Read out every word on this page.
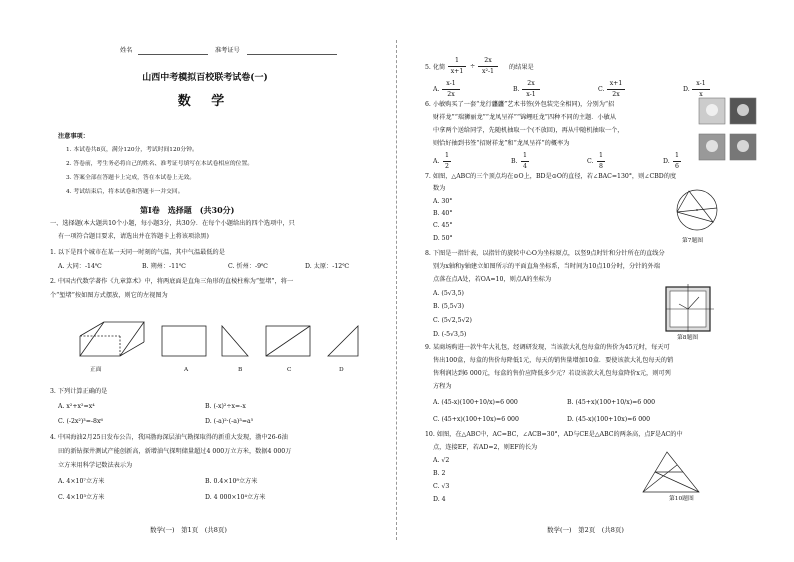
姓名	准考证号
山西中考模拟百校联考试卷(一)
数 学
注意事项：
1. 本试卷共8页，满分120分，考试时间120分钟。
2. 答卷前，考生务必将自己的姓名、准考证号填写在本试卷相应的位置。
3. 答案全部在答题卡上完成，答在本试卷上无效。
4. 考试结束后，将本试卷和答题卡一并交回。
第Ⅰ卷　选择题　(共30分)
一、选择题(本大题共10个小题，每小题3分，共30分．在每个小题给出的四个选项中，只
有一项符合题目要求，请选出并在答题卡上将该项涂黑)
1. 以下是四个城市在某一天同一时刻的气温，其中气温最低的是
A. 大同：-14℃	B. 朔州：-11℃	C. 忻州：-9℃	D. 太原：-12℃
2. 中国古代数学著作《九章算术》中，将两底面是直角三角形的直棱柱称为“堑堵”，将一
个“堑堵”按如图方式摆放，则它的左视图为
正面	A	B	C	D
3. 下列计算正确的是
A. x²+x²=x⁴	B. (-x)²÷x=-x
C. (-2x²)³=-8x⁶	D. (-a)²·(-a)³=a⁵
4. 中国海油2月25日发布公告，我国渤海深层油气勘探取得的新重大发现，渤中26-6油
田的新钻探井测试产能创新高，新增油气探明储量超过4 000万立方米，数据4 000万
立方米用科学记数法表示为
A. 4×10⁷立方米	B. 0.4×10⁸立方米
C. 4×10³立方米	D. 4 000×10⁴立方米
数学(一)　第1页　(共8页)
5. 化简
1
x+1
÷
2x
x²-1
的结果是
A.
x-1
2x
B.
2x
x-1
C.
x+1
2x
D.
x-1
x
6. 小敏购买了一套“龙行龘龘”艺术书签(外包装完全相同)，分别为“招
财祥龙”“瑞狮丽龙”“龙凤呈祥”“锦鲤旺龙”四种不同的主题．小敏从
中拿两个送给同学，先随机抽取一个(不放回)，再从中随机抽取一个，
则恰好抽到书签“招财祥龙”和“龙凤呈祥”的概率为
A.
1
2
B.
1
4
C.
1
8
D.
1
6
7. 如图，△ABC的三个顶点均在⊙O上，BD是⊙O的直径，若∠BAC=130°，则∠CBD的度
数为
A. 30°
B. 40°
C. 45°
D. 50°	第7题图
8. 下图是一指针表，以指针的旋转中心O为坐标原点，以竖9点时针和分针所在的直线分
别为x轴和y轴建立如图所示的平面直角坐标系，当时间为10点10分时，分针的外端
点落在点A处，若OA=10，则点A的坐标为
A. (5√3,5)
B. (5,5√3)
C. (5√2,5√2)
D. (-5√3,5)	第8题图
9. 某商场购进一款牛年大礼包，经调研发现，当该款大礼包每盒的售价为45元时，每天可
售出100盒，每盒的售价每降低1元，每天的销售量增加10盒．要使该款大礼包每天的销
售利润达到6 000元，每盒的售价应降低多少元？若设该款大礼包每盒降价x元，则可列
方程为
A. (45-x)(100+10/x)=6 000	B. (45+x)(100+10/x)=6 000
C. (45+x)(100+10x)=6 000	D. (45-x)(100+10x)=6 000
10. 如图，在△ABC中，AC=BC，∠ACB=30°，AD与CE是△ABC的两条高，点F是AC的中
点，连接EF，若AD=2，则EF的长为
A. √2
B. 2
C. √3
D. 4	第10题图
数学(一)　第2页　(共8页)
